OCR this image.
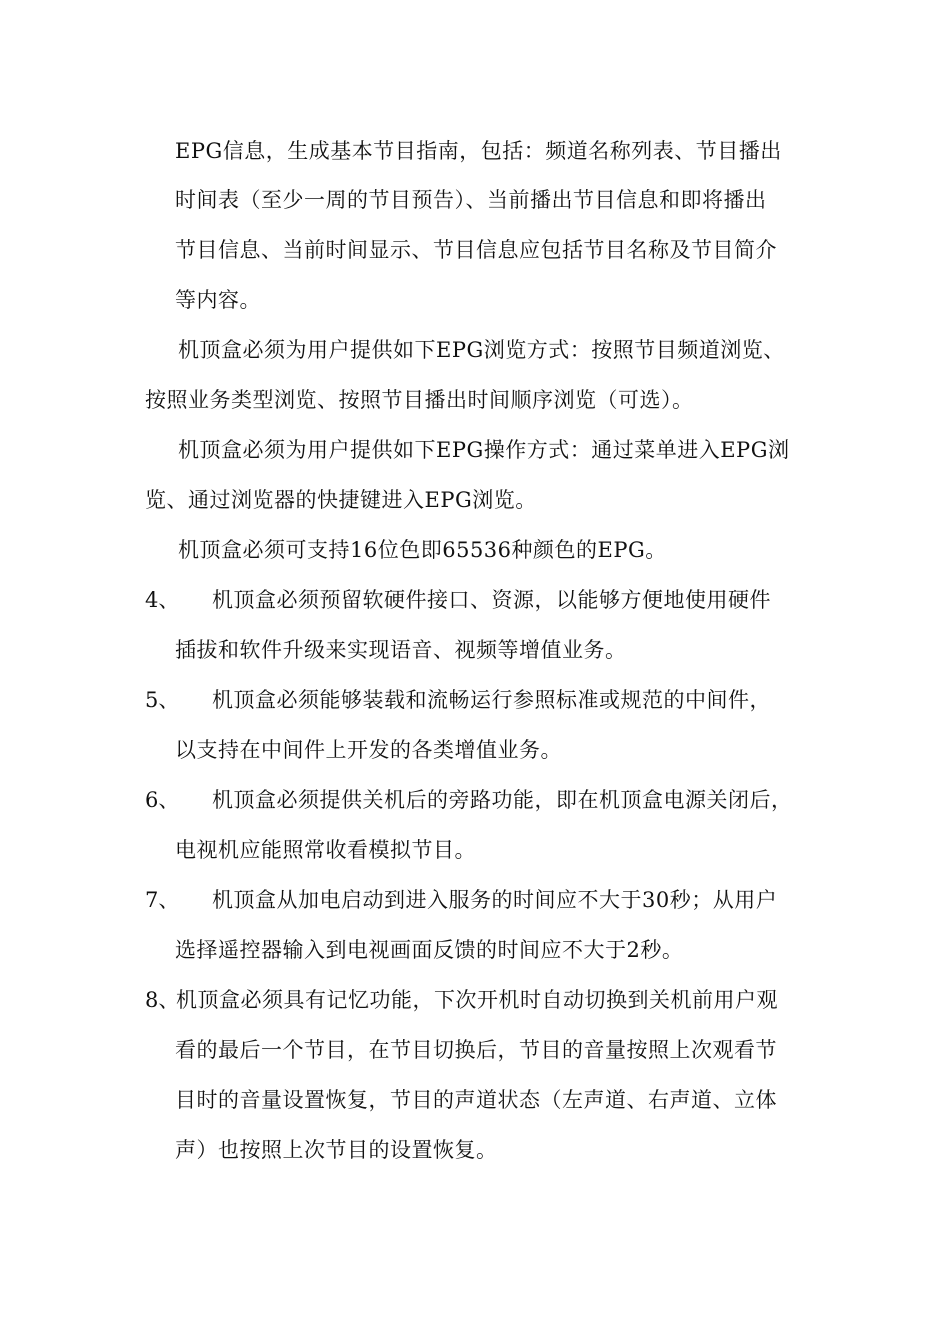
EPG信息，生成基本节目指南，包括：频道名称列表、节目播出
时间表（至少一周的节目预告）、当前播出节目信息和即将播出
节目信息、当前时间显示、节目信息应包括节目名称及节目简介
等内容。
机顶盒必须为用户提供如下EPG浏览方式：按照节目频道浏览、
按照业务类型浏览、按照节目播出时间顺序浏览（可选）。
机顶盒必须为用户提供如下EPG操作方式：通过菜单进入EPG浏
览、通过浏览器的快捷键进入EPG浏览。
机顶盒必须可支持16位色即65536种颜色的EPG。
4、 机顶盒必须预留软硬件接口、资源，以能够方便地使用硬件
插拔和软件升级来实现语音、视频等增值业务。
5、 机顶盒必须能够装载和流畅运行参照标准或规范的中间件，
以支持在中间件上开发的各类增值业务。
6、 机顶盒必须提供关机后的旁路功能，即在机顶盒电源关闭后，
电视机应能照常收看模拟节目。
7、 机顶盒从加电启动到进入服务的时间应不大于30秒；从用户
选择遥控器输入到电视画面反馈的时间应不大于2秒。
8、
机顶盒必须具有记忆功能，下次开机时自动切换到关机前用户观
看的最后一个节目，在节目切换后，节目的音量按照上次观看节
目时的音量设置恢复，节目的声道状态（左声道、右声道、立体
声）也按照上次节目的设置恢复。
